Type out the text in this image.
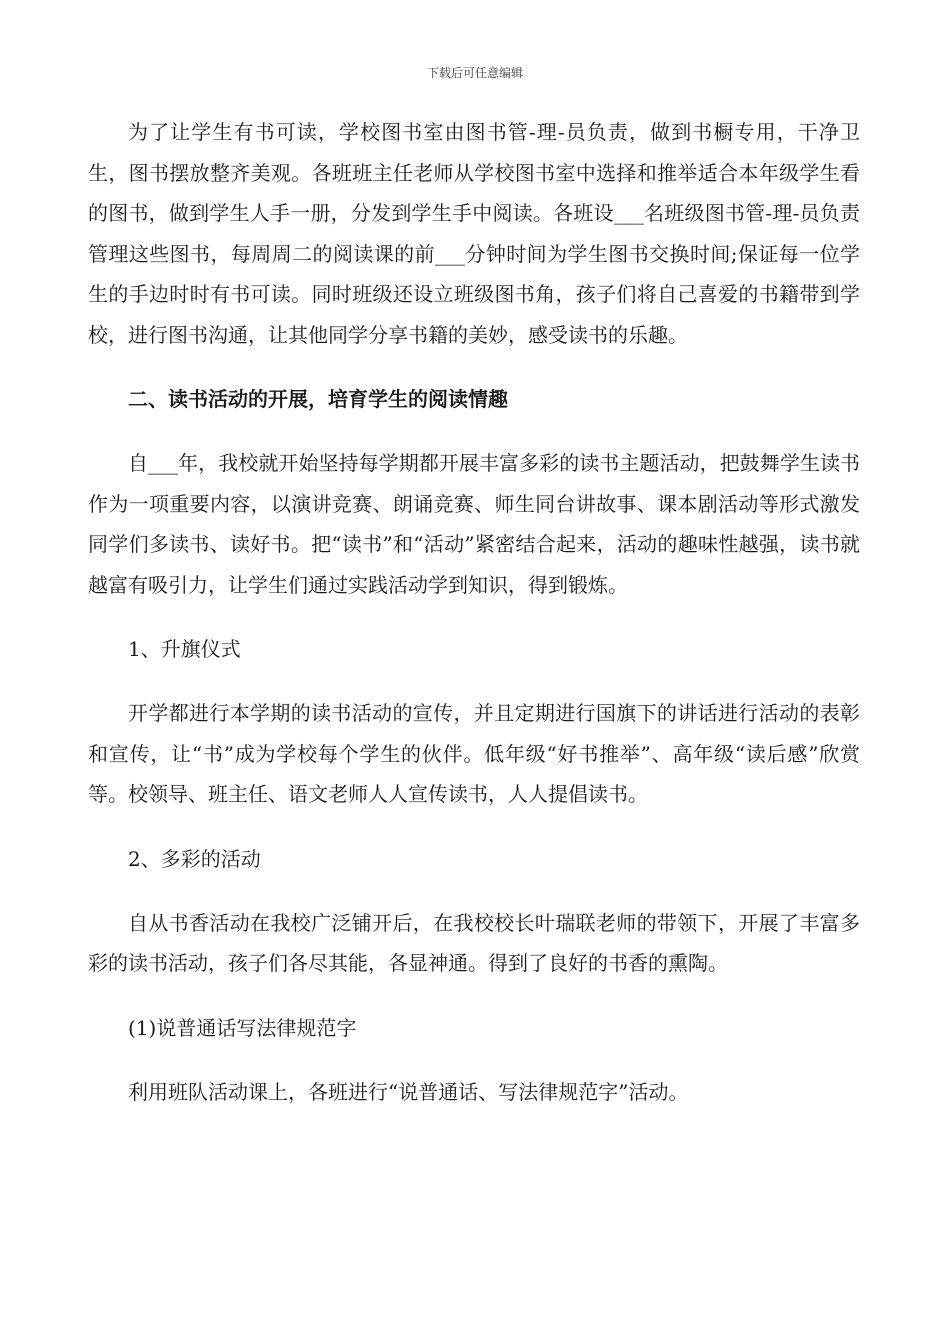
下载后可任意编辑

为了让学生有书可读，学校图书室由图书管-理-员负责，做到书橱专用，干净卫生，图书摆放整齐美观。各班班主任老师从学校图书室中选择和推举适合本年级学生看的图书，做到学生人手一册，分发到学生手中阅读。各班设___名班级图书管-理-员负责管理这些图书，每周周二的阅读课的前___分钟时间为学生图书交换时间;保证每一位学生的手边时时有书可读。同时班级还设立班级图书角，孩子们将自己喜爱的书籍带到学校，进行图书沟通，让其他同学分享书籍的美妙，感受读书的乐趣。

二、读书活动的开展，培育学生的阅读情趣

自___年，我校就开始坚持每学期都开展丰富多彩的读书主题活动，把鼓舞学生读书作为一项重要内容，以演讲竞赛、朗诵竞赛、师生同台讲故事、课本剧活动等形式激发同学们多读书、读好书。把“读书”和“活动”紧密结合起来，活动的趣味性越强，读书就越富有吸引力，让学生们通过实践活动学到知识，得到锻炼。

1、升旗仪式

开学都进行本学期的读书活动的宣传，并且定期进行国旗下的讲话进行活动的表彰和宣传，让“书”成为学校每个学生的伙伴。低年级“好书推举”、高年级“读后感”欣赏等。校领导、班主任、语文老师人人宣传读书，人人提倡读书。

2、多彩的活动

自从书香活动在我校广泛铺开后，在我校校长叶瑞联老师的带领下，开展了丰富多彩的读书活动，孩子们各尽其能，各显神通。得到了良好的书香的熏陶。

(1)说普通话写法律规范字

利用班队活动课上，各班进行“说普通话、写法律规范字”活动。
